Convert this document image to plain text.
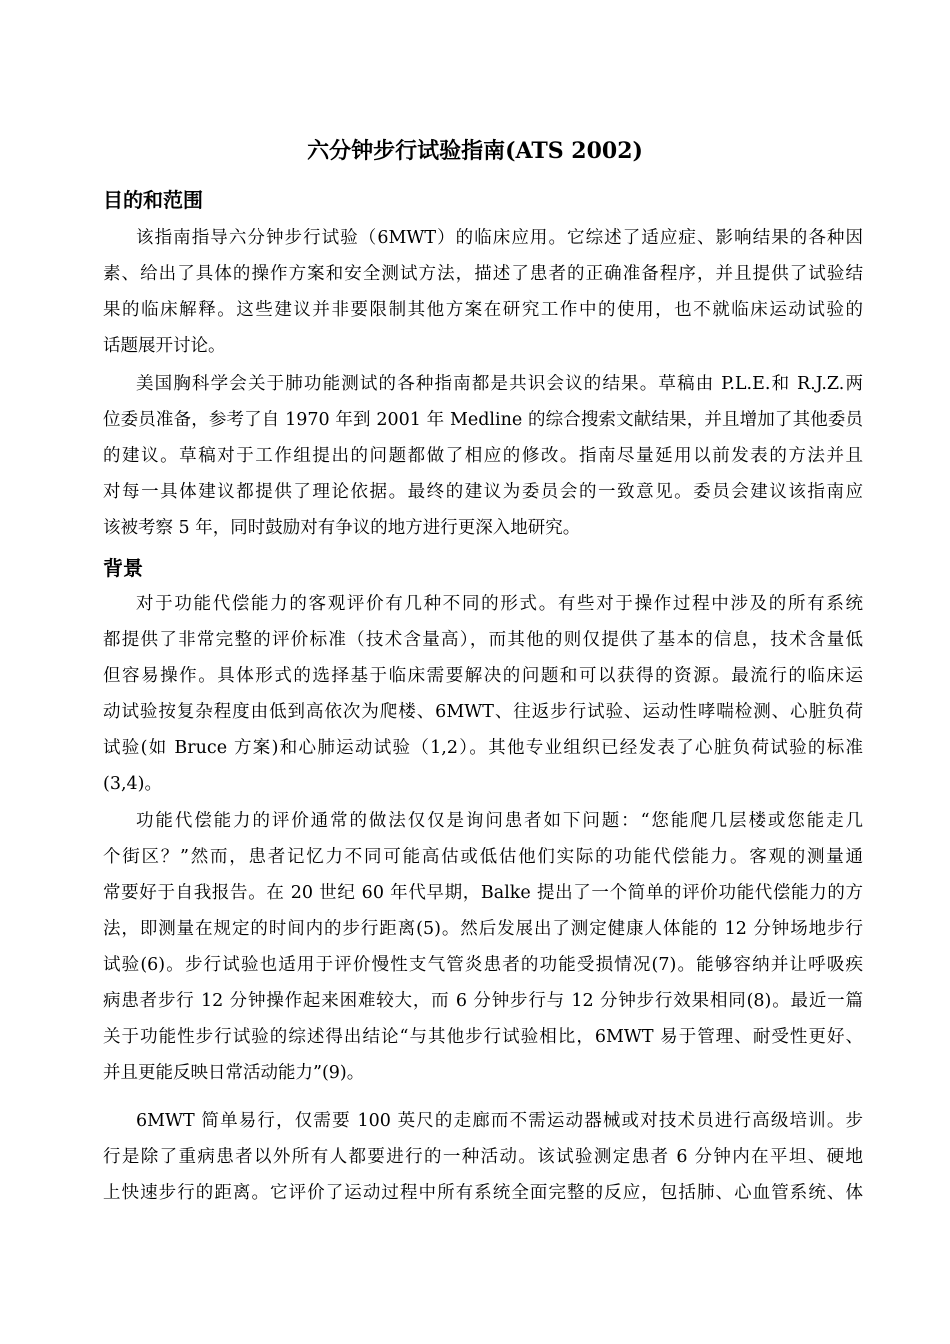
六分钟步行试验指南(ATS 2002)
目的和范围
该指南指导六分钟步行试验（6MWT）的临床应用。它综述了适应症、影响结果的各种因
素、给出了具体的操作方案和安全测试方法，描述了患者的正确准备程序，并且提供了试验结
果的临床解释。这些建议并非要限制其他方案在研究工作中的使用，也不就临床运动试验的
话题展开讨论。
美国胸科学会关于肺功能测试的各种指南都是共识会议的结果。草稿由 P.L.E.和 R.J.Z.两
位委员准备，参考了自 1970 年到 2001 年 Medline 的综合搜索文献结果，并且增加了其他委员
的建议。草稿对于工作组提出的问题都做了相应的修改。指南尽量延用以前发表的方法并且
对每一具体建议都提供了理论依据。最终的建议为委员会的一致意见。委员会建议该指南应
该被考察 5 年，同时鼓励对有争议的地方进行更深入地研究。
背景
对于功能代偿能力的客观评价有几种不同的形式。有些对于操作过程中涉及的所有系统
都提供了非常完整的评价标准（技术含量高），而其他的则仅提供了基本的信息，技术含量低
但容易操作。具体形式的选择基于临床需要解决的问题和可以获得的资源。最流行的临床运
动试验按复杂程度由低到高依次为爬楼、6MWT、往返步行试验、运动性哮喘检测、心脏负荷
试验(如 Bruce 方案)和心肺运动试验（1,2）。其他专业组织已经发表了心脏负荷试验的标准
(3,4)。
功能代偿能力的评价通常的做法仅仅是询问患者如下问题：“您能爬几层楼或您能走几
个街区？”然而，患者记忆力不同可能高估或低估他们实际的功能代偿能力。客观的测量通
常要好于自我报告。在 20 世纪 60 年代早期，Balke 提出了一个简单的评价功能代偿能力的方
法，即测量在规定的时间内的步行距离(5)。然后发展出了测定健康人体能的 12 分钟场地步行
试验(6)。步行试验也适用于评价慢性支气管炎患者的功能受损情况(7)。能够容纳并让呼吸疾
病患者步行 12 分钟操作起来困难较大，而 6 分钟步行与 12 分钟步行效果相同(8)。最近一篇
关于功能性步行试验的综述得出结论“与其他步行试验相比，6MWT 易于管理、耐受性更好、
并且更能反映日常活动能力”(9)。
6MWT 简单易行，仅需要 100 英尺的走廊而不需运动器械或对技术员进行高级培训。步
行是除了重病患者以外所有人都要进行的一种活动。该试验测定患者 6 分钟内在平坦、硬地
上快速步行的距离。它评价了运动过程中所有系统全面完整的反应，包括肺、心血管系统、体
